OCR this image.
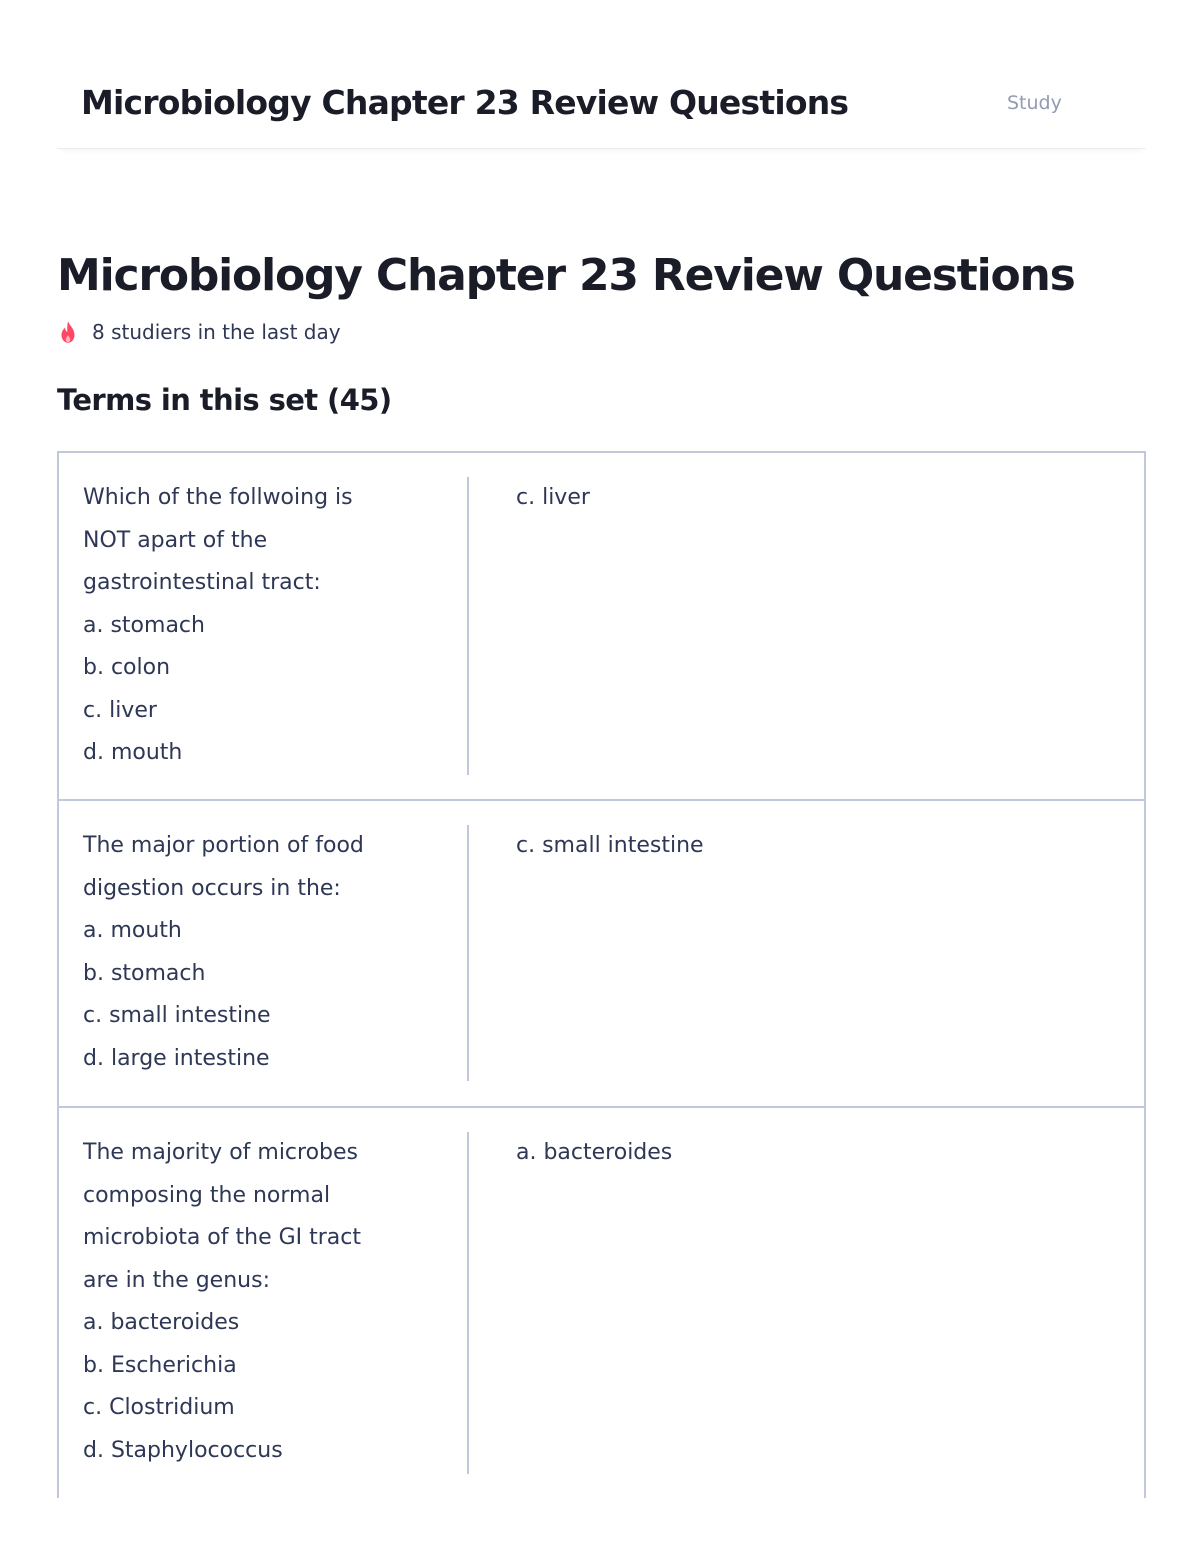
Microbiology Chapter 23 Review Questions	Study
Microbiology Chapter 23 Review Questions
8 studiers in the last day
Terms in this set (45)

Which of the follwoing is
NOT apart of the
gastrointestinal tract:
a. stomach
b. colon
c. liver
d. mouth

c. liver

The major portion of food
digestion occurs in the:
a. mouth
b. stomach
c. small intestine
d. large intestine

c. small intestine

The majority of microbes
composing the normal
microbiota of the GI tract
are in the genus:
a. bacteroides
b. Escherichia
c. Clostridium
d. Staphylococcus

a. bacteroides
